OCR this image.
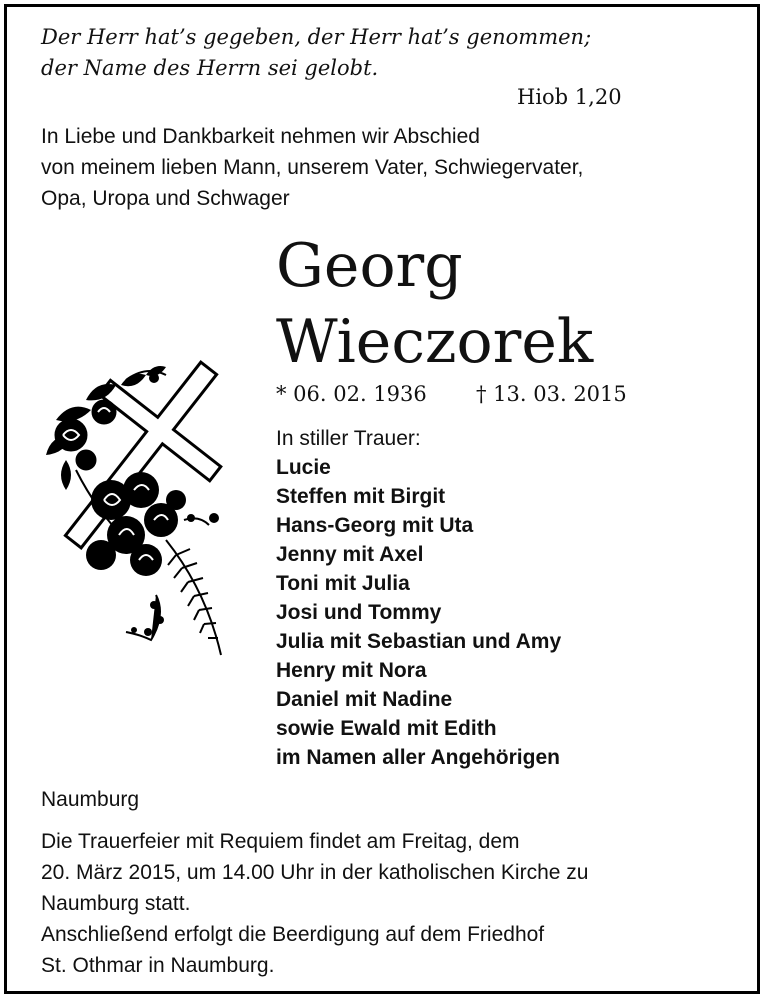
Der Herr hat’s gegeben, der Herr hat’s genommen;
der Name des Herrn sei gelobt.
Hiob 1,20
In Liebe und Dankbarkeit nehmen wir Abschied
von meinem lieben Mann, unserem Vater, Schwiegervater,
Opa, Uropa und Schwager
Georg
Wieczorek
* 06. 02. 1936 † 13. 03. 2015
In stiller Trauer:
Lucie
Steffen mit Birgit
Hans-Georg mit Uta
Jenny mit Axel
Toni mit Julia
Josi und Tommy
Julia mit Sebastian und Amy
Henry mit Nora
Daniel mit Nadine
sowie Ewald mit Edith
im Namen aller Angehörigen
Naumburg
Die Trauerfeier mit Requiem findet am Freitag, dem
20. März 2015, um 14.00 Uhr in der katholischen Kirche zu
Naumburg statt.
Anschließend erfolgt die Beerdigung auf dem Friedhof
St. Othmar in Naumburg.
